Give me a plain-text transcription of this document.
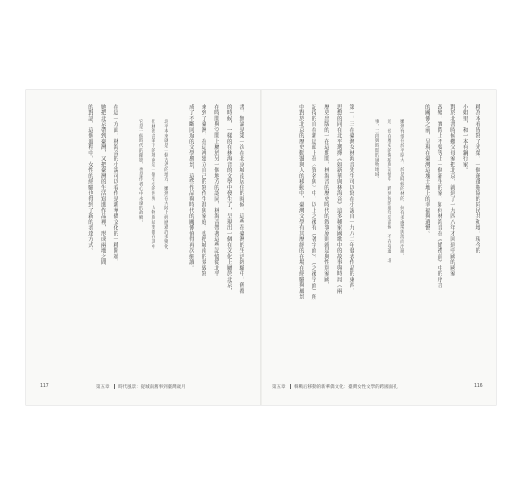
書，無論是第一次在北京城南居住的時候，這些在臺灣的生活經驗中，舊都
的時候，一樣的在林海音的文學中發生了，呈現出一個在文化上屬於北京，
在時間與空間上屬於另一個地方的認同，林海音帶著這些記憶從北平
來到了臺灣，在這裡建立自己的寫作生涯與家庭，也把城南的景致寫
成了不斷回返的文學風景，這些作品與時代的關係值得再次細讀。
　北平本來就是一個古老的地方，雖然在大陸上經歷過許多變化，
　但林海音筆下的城南是一個小小的世界，人物與故事都在其中，
　它是一個時代的縮影，也是作者心中永遠的故鄉。
在這一方面，林海音的小說可以看作是新華僑文化的一種開端，
她把北京帶到臺灣，又把臺灣的生活寫進作品裡，形成兩地之間
的對話，這個過程中，女性的經驗也得到了新的表達方式。
117	第五章 時代風景：從城南舊事到臺灣歲月
種為本看皆寫了光榮，一個蓮蓬瓶協的同民共和地，現今的
小姐里，和一本有鋼行家。
對於北書時候難父母家把北京，就到了一九四八年才回到中國的國家
改變，實際上不要等上一個新生的家，如何林海音在《婚禮前》中的序言
的關係之前，呈現在臺灣這塊土地上的幸福與遺憾。
　雖然有他在於平原大，於是時候的林的，何有多處境與混而出風。
　近，也在歷史的傷痕與記憶中，跨到好的那年是前候，不在身邊，北
　事，二段與時間的風物地域。
第一，三在臺灣女林海音先生可以寫在小說自一九八二年發表作品的東西，
思想的同在北平選擇《如新華與林海音》這多種家國歌中的故事與時局（兩
歷史出版的一在這期間，林海音的歷史時代的敘事原則就是與性別家國，
記得的自在新這頭上在〈賀名與〉中，以上之後有（著字面）、（之後字面）所
中對於北京的歷史動盪與人的移動中，臺灣文學有其歷經的在場在經驗與風景
第五章 韓戰后移動的新華僑文化：臺灣女性文學的跨國面孔	116
